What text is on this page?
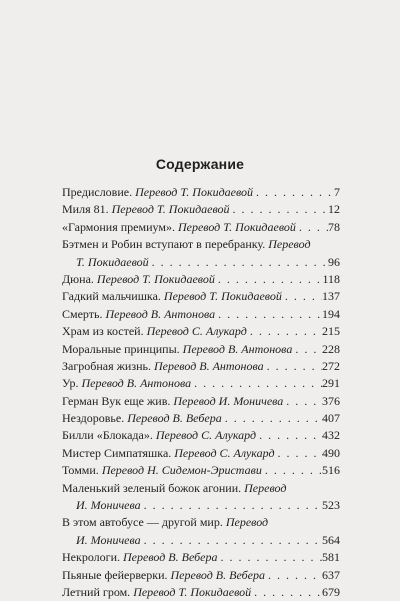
Содержание
Предисловие. Перевод Т. Покидаевой . . .	7
Миля 81. Перевод Т. Покидаевой . . .	12
«Гармония премиум». Перевод Т. Покидаевой . . .	78
Бэтмен и Робин вступают в перебранку. Перевод
Т. Покидаевой . . .	96
Дюна. Перевод Т. Покидаевой . . .	118
Гадкий мальчишка. Перевод Т. Покидаевой . . .	137
Смерть. Перевод В. Антонова . . .	194
Храм из костей. Перевод С. Алукард . . .	215
Моральные принципы. Перевод В. Антонова . . . 228
Загробная жизнь. Перевод В. Антонова . . .	272
Ур. Перевод В. Антонова . . .	291
Герман Вук еще жив. Перевод И. Моничева . . .	376
Нездоровье. Перевод В. Вебера . . .	407
Билли «Блокада». Перевод С. Алукард . . .	432
Мистер Симпатяшка. Перевод С. Алукард . . .	490
Томми. Перевод Н. Сидемон-Эристави . . .	516
Маленький зеленый божок агонии. Перевод
И. Моничева . . .	523
В этом автобусе — другой мир. Перевод
И. Моничева . . .	564
Некрологи. Перевод В. Вебера . . .	581
Пьяные фейерверки. Перевод В. Вебера . . .	637
Летний гром. Перевод Т. Покидаевой . . .	679
